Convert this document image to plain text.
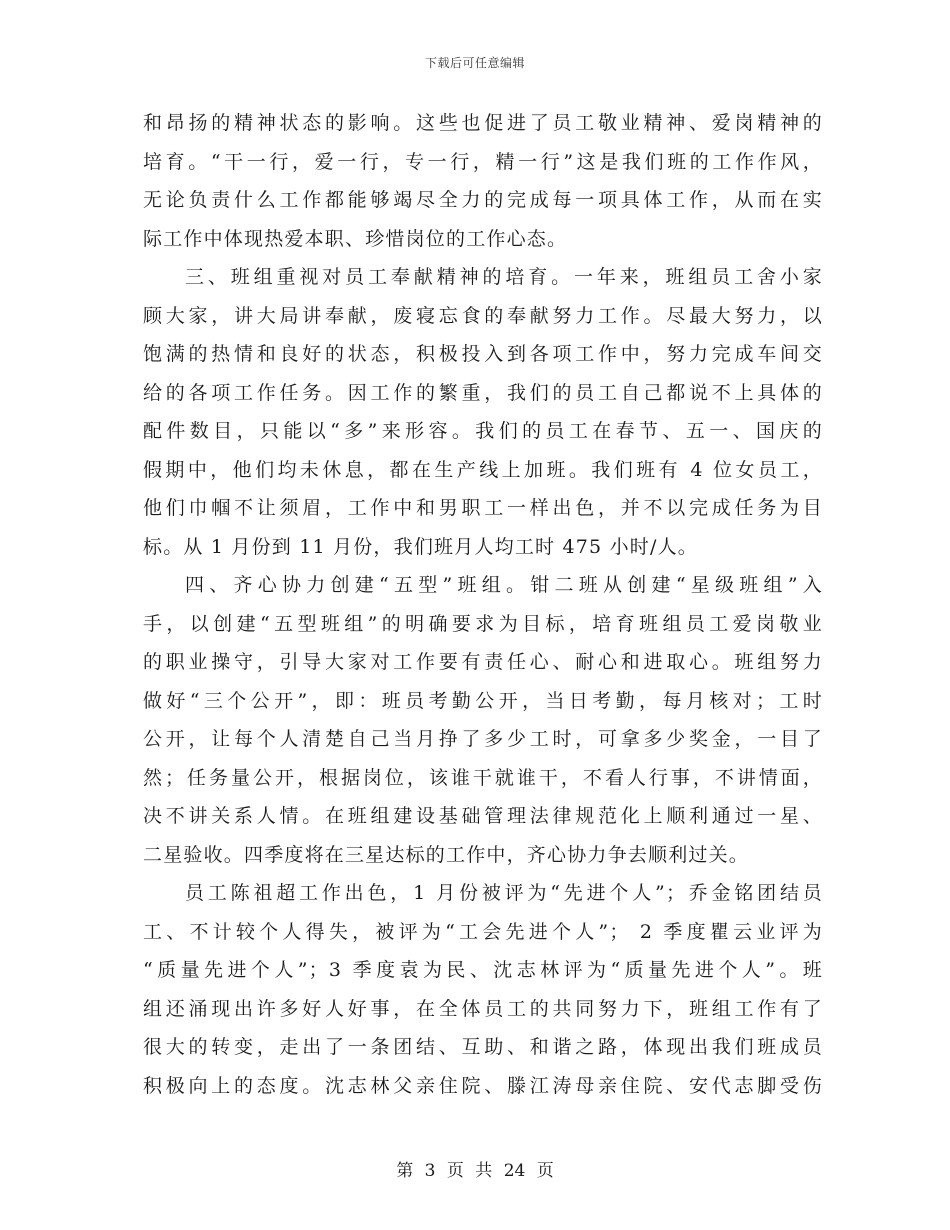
下载后可任意编辑
和昂扬的精神状态的影响。这些也促进了员工敬业精神、爱岗精神的
培育。“干一行，爱一行，专一行，精一行”这是我们班的工作作风，
无论负责什么工作都能够竭尽全力的完成每一项具体工作，从而在实
际工作中体现热爱本职、珍惜岗位的工作心态。
三、班组重视对员工奉献精神的培育。一年来，班组员工舍小家
顾大家，讲大局讲奉献，废寝忘食的奉献努力工作。尽最大努力，以
饱满的热情和良好的状态，积极投入到各项工作中，努力完成车间交
给的各项工作任务。因工作的繁重，我们的员工自己都说不上具体的
配件数目，只能以“多”来形容。我们的员工在春节、五一、国庆的
假期中，他们均未休息，都在生产线上加班。我们班有 4 位女员工，
他们巾帼不让须眉，工作中和男职工一样出色，并不以完成任务为目
标。从 1 月份到 11 月份，我们班月人均工时 475 小时/人。
四、齐心协力创建“五型”班组。钳二班从创建“星级班组”入
手，以创建“五型班组”的明确要求为目标，培育班组员工爱岗敬业
的职业操守，引导大家对工作要有责任心、耐心和进取心。班组努力
做好“三个公开”，即：班员考勤公开，当日考勤，每月核对；工时
公开，让每个人清楚自己当月挣了多少工时，可拿多少奖金，一目了
然；任务量公开，根据岗位，该谁干就谁干，不看人行事，不讲情面，
决不讲关系人情。在班组建设基础管理法律规范化上顺利通过一星、
二星验收。四季度将在三星达标的工作中，齐心协力争去顺利过关。
员工陈祖超工作出色，1 月份被评为“先进个人”；乔金铭团结员
工、不计较个人得失，被评为“工会先进个人”； 2 季度瞿云业评为
“质量先进个人”；3 季度袁为民、沈志林评为“质量先进个人”。班
组还涌现出许多好人好事，在全体员工的共同努力下，班组工作有了
很大的转变，走出了一条团结、互助、和谐之路，体现出我们班成员
积极向上的态度。沈志林父亲住院、滕江涛母亲住院、安代志脚受伤
第 3 页 共 24 页
